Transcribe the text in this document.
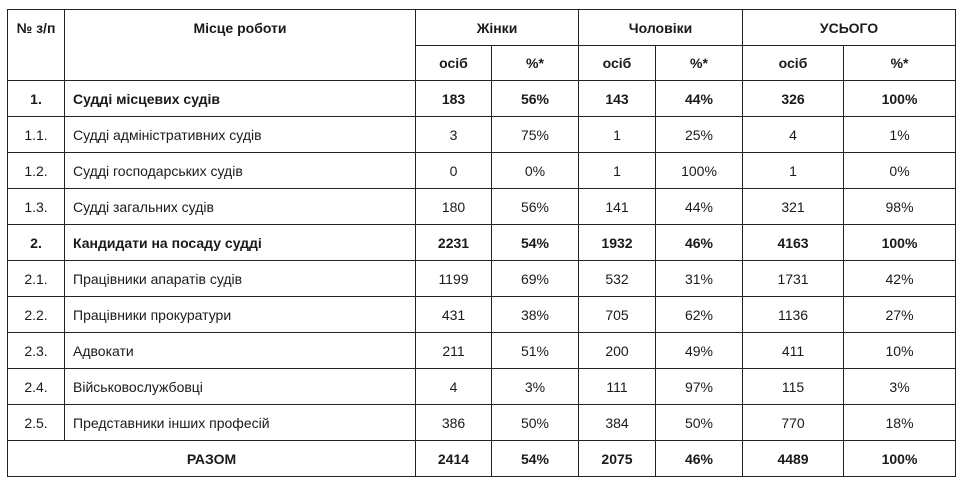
№ з/п	Місце роботи	Жінки		Чоловіки		УСЬОГО	
		осіб	%*	осіб	%*	осіб	%*
1.	Судді місцевих судів	183	56%	143	44%	326	100%
1.1.	Судді адміністративних судів	3	75%	1	25%	4	1%
1.2.	Судді господарських судів	0	0%	1	100%	1	0%
1.3.	Судді загальних судів	180	56%	141	44%	321	98%
2.	Кандидати на посаду судді	2231	54%	1932	46%	4163	100%
2.1.	Працівники апаратів судів	1199	69%	532	31%	1731	42%
2.2.	Працівники прокуратури	431	38%	705	62%	1136	27%
2.3.	Адвокати	211	51%	200	49%	411	10%
2.4.	Військовослужбовці	4	3%	111	97%	115	3%
2.5.	Представники інших професій	386	50%	384	50%	770	18%
РАЗОМ		2414	54%	2075	46%	4489	100%
